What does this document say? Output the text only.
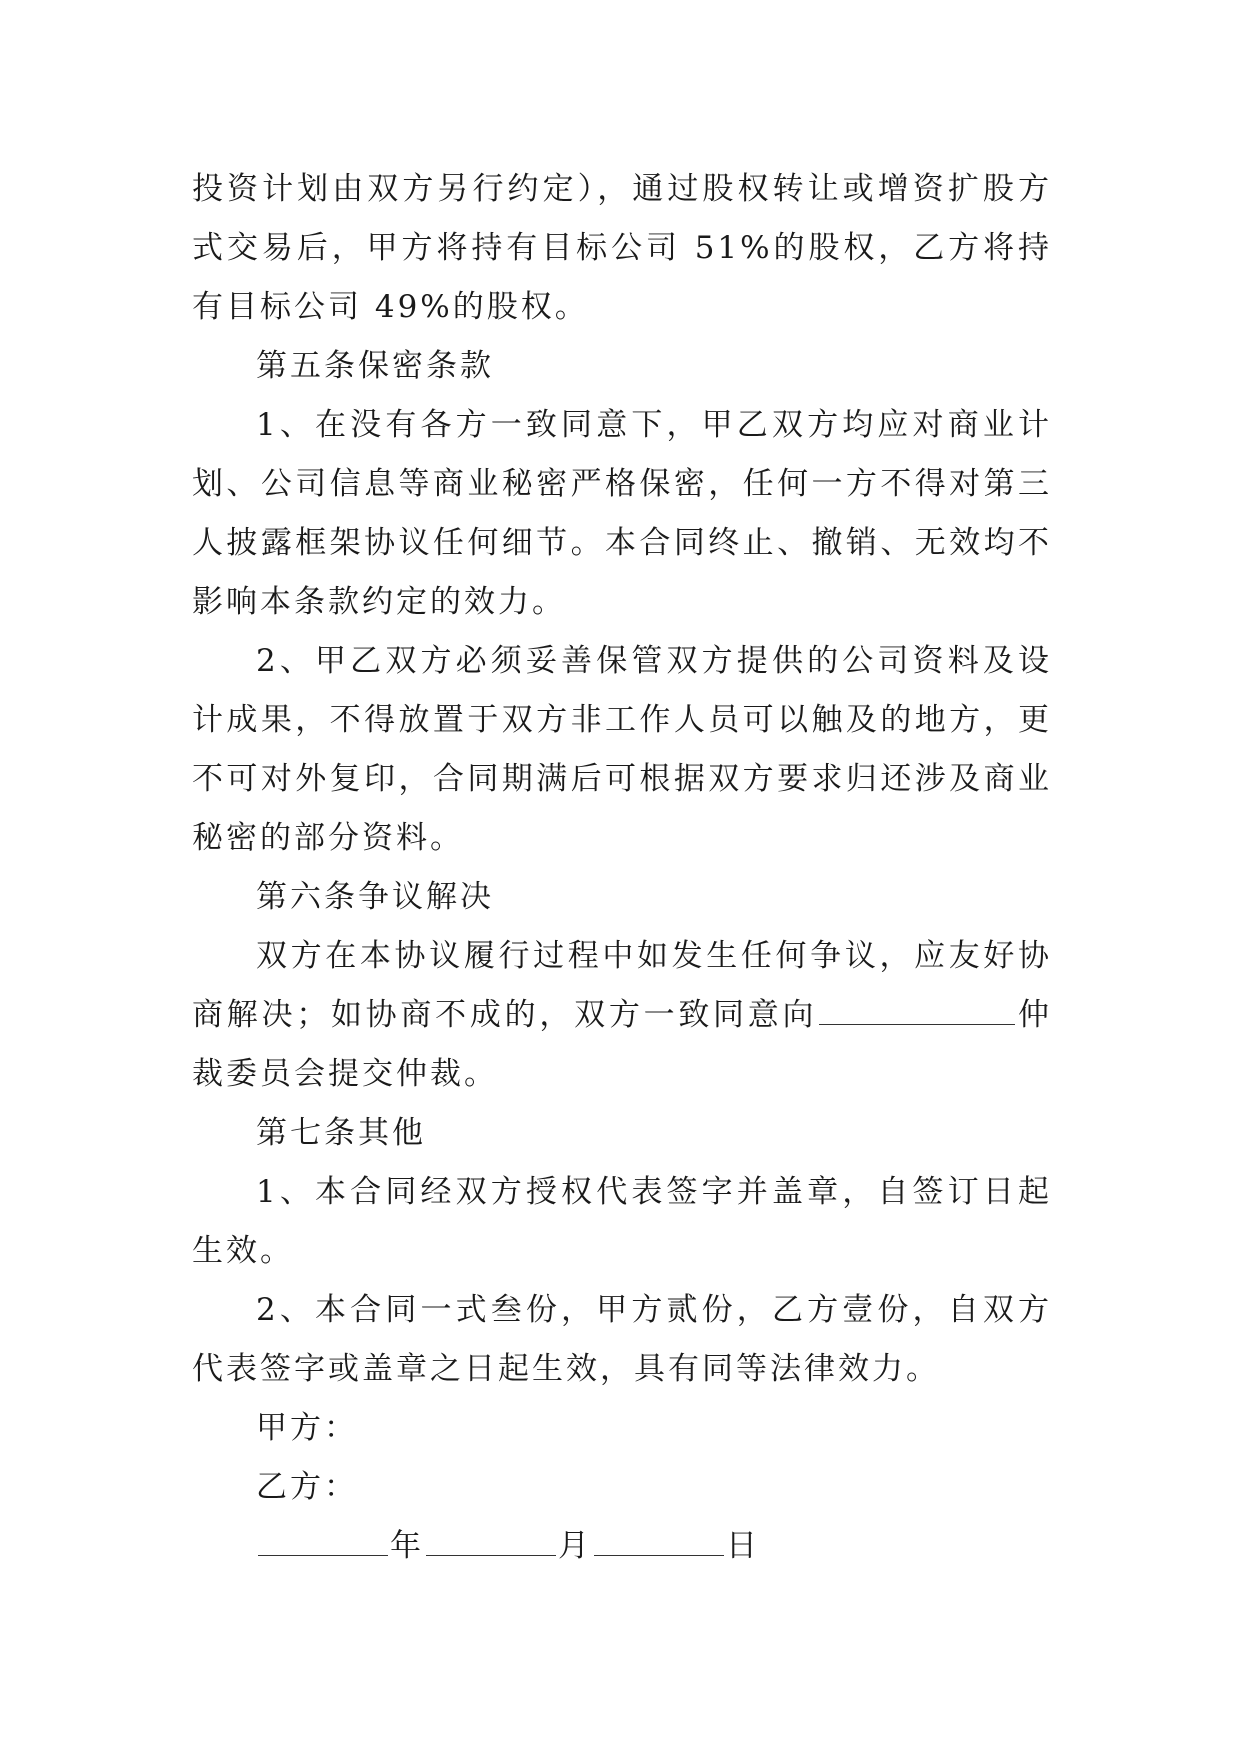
投资计划由双方另行约定），通过股权转让或增资扩股方式交易后，甲方将持有目标公司 51%的股权，乙方将持有目标公司 49%的股权。

第五条保密条款

1、在没有各方一致同意下，甲乙双方均应对商业计划、公司信息等商业秘密严格保密，任何一方不得对第三人披露框架协议任何细节。本合同终止、撤销、无效均不影响本条款约定的效力。

2、甲乙双方必须妥善保管双方提供的公司资料及设计成果，不得放置于双方非工作人员可以触及的地方，更不可对外复印，合同期满后可根据双方要求归还涉及商业秘密的部分资料。

第六条争议解决

双方在本协议履行过程中如发生任何争议，应友好协商解决；如协商不成的，双方一致同意向	仲裁委员会提交仲裁。

第七条其他

1、本合同经双方授权代表签字并盖章，自签订日起生效。

2、本合同一式叁份，甲方贰份，乙方壹份，自双方代表签字或盖章之日起生效，具有同等法律效力。

甲方：

乙方：

年	月	日
